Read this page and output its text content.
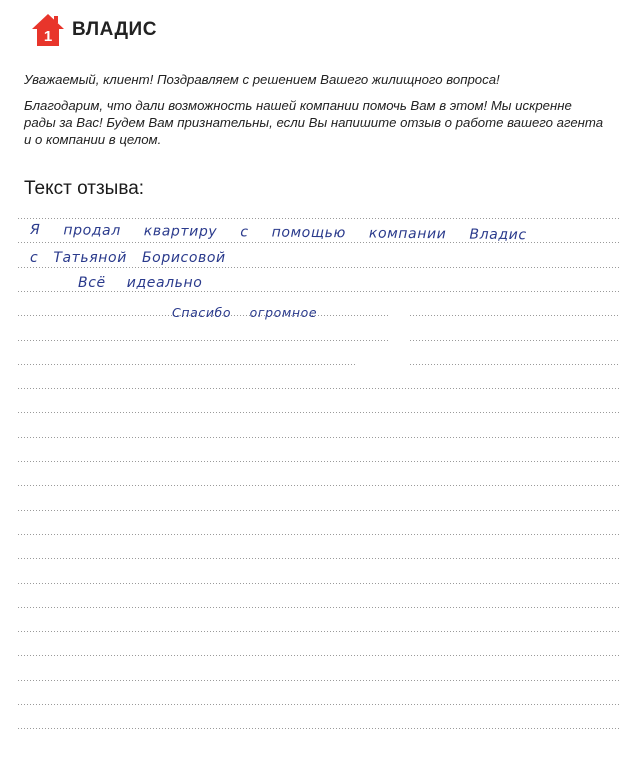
1 ВЛАДИС

Уважаемый, клиент! Поздравляем с решением Вашего жилищного вопроса!

Благодарим, что дали возможность нашей компании помочь Вам в этом! Мы искренне рады за Вас! Будем Вам признательны, если Вы напишите отзыв о работе вашего агента и о компании в целом.

Текст отзыва:
Я продал квартиру с помощью компании Владис
с Татьяной Борисовой
Всё идеально
Спасибо огромное
